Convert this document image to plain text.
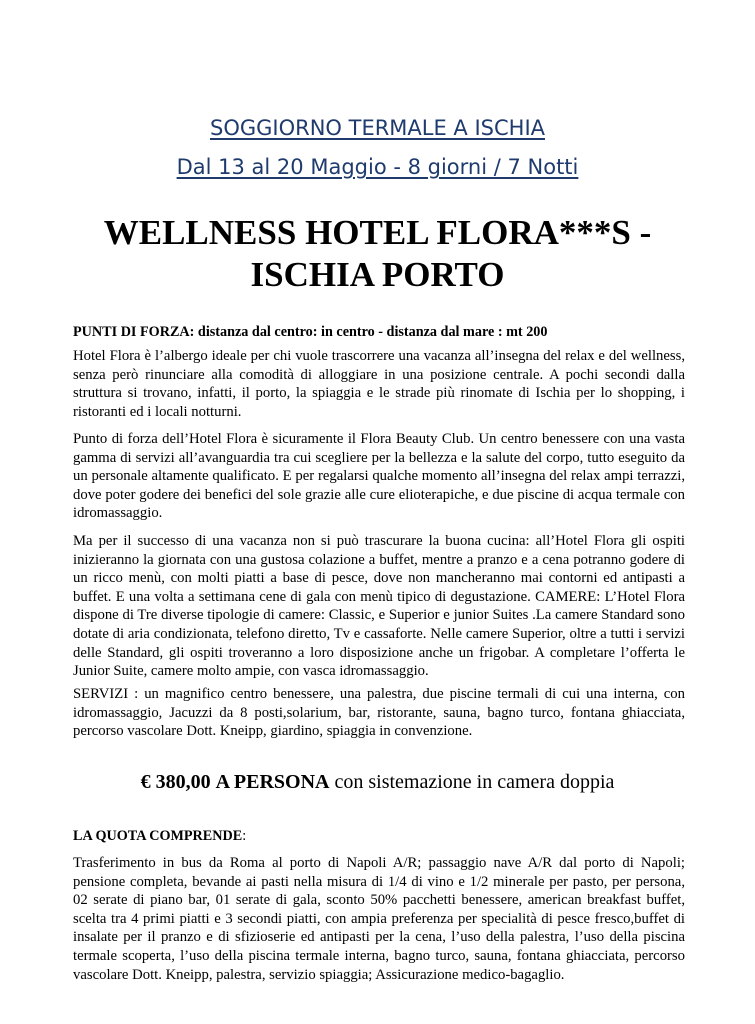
SOGGIORNO TERMALE A ISCHIA
Dal 13 al 20 Maggio - 8 giorni / 7 Notti
WELLNESS HOTEL FLORA***S -
ISCHIA PORTO
PUNTI DI FORZA: distanza dal centro: in centro - distanza dal mare : mt 200
Hotel Flora è l’albergo ideale per chi vuole trascorrere una vacanza all’insegna del relax e del wellness, senza però rinunciare alla comodità di alloggiare in una posizione centrale. A pochi secondi dalla struttura si trovano, infatti, il porto, la spiaggia e le strade più rinomate di Ischia per lo shopping, i ristoranti ed i locali notturni.
Punto di forza dell’Hotel Flora è sicuramente il Flora Beauty Club. Un centro benessere con una vasta gamma di servizi all’avanguardia tra cui scegliere per la bellezza e la salute del corpo, tutto eseguito da un personale altamente qualificato. E per regalarsi qualche momento all’insegna del relax ampi terrazzi, dove poter godere dei benefici del sole grazie alle cure elioterapiche, e due piscine di acqua termale con idromassaggio.
Ma per il successo di una vacanza non si può trascurare la buona cucina: all’Hotel Flora gli ospiti inizieranno la giornata con una gustosa colazione a buffet, mentre a pranzo e a cena potranno godere di un ricco menù, con molti piatti a base di pesce, dove non mancheranno mai contorni ed antipasti a buffet. E una volta a settimana cene di gala con menù tipico di degustazione. CAMERE: L’Hotel Flora dispone di Tre diverse tipologie di camere: Classic, e Superior e junior Suites .La camere Standard sono dotate di aria condizionata, telefono diretto, Tv e cassaforte. Nelle camere Superior, oltre a tutti i servizi delle Standard, gli ospiti troveranno a loro disposizione anche un frigobar. A completare l’offerta le Junior Suite, camere molto ampie, con vasca idromassaggio.
SERVIZI : un magnifico centro benessere, una palestra, due piscine termali di cui una interna, con idromassaggio, Jacuzzi da 8 posti,solarium, bar, ristorante, sauna, bagno turco, fontana ghiacciata, percorso vascolare Dott. Kneipp, giardino, spiaggia in convenzione.
€ 380,00 A PERSONA con sistemazione in camera doppia
LA QUOTA COMPRENDE:
Trasferimento in bus da Roma al porto di Napoli A/R; passaggio nave A/R dal porto di Napoli; pensione completa, bevande ai pasti nella misura di 1/4 di vino e 1/2 minerale per pasto, per persona, 02 serate di piano bar, 01 serate di gala, sconto 50% pacchetti benessere, american breakfast buffet, scelta tra 4 primi piatti e 3 secondi piatti, con ampia preferenza per specialità di pesce fresco,buffet di insalate per il pranzo e di sfizioserie ed antipasti per la cena, l’uso della palestra, l’uso della piscina termale scoperta, l’uso della piscina termale interna, bagno turco, sauna, fontana ghiacciata, percorso vascolare Dott. Kneipp, palestra, servizio spiaggia; Assicurazione medico-bagaglio.
